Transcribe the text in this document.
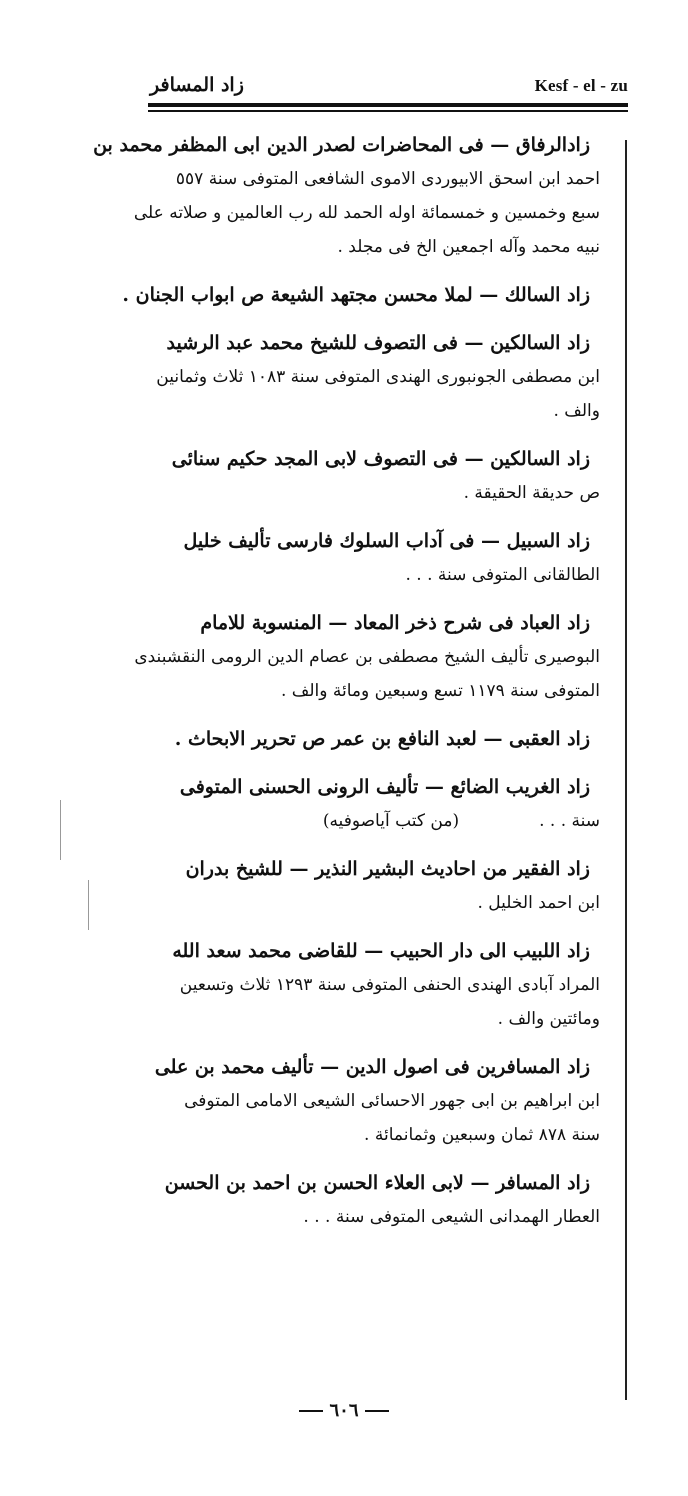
زاد المسافر	Kesf - el - zu
زادالرفاق — فى المحاضرات لصدر الدين ابى المظفر محمد بن
احمد ابن اسحق الابيوردى الاموى الشافعى المتوفى سنة ٥٥٧
سبع وخمسين و خمسمائة اوله الحمد لله رب العالمين و صلاته على
نبيه محمد وآله اجمعين الخ فى مجلد .
زاد السالك — لملا محسن مجتهد الشيعة ص ابواب الجنان .
زاد السالكين — فى التصوف للشيخ محمد عبد الرشيد
ابن مصطفى الجونبورى الهندى المتوفى سنة ١٠٨٣ ثلاث وثمانين
والف .
زاد السالكين — فى التصوف لابى المجد حكيم سنائى
ص حديقة الحقيقة .
زاد السبيل — فى آداب السلوك فارسى تأليف خليل
الطالقانى المتوفى سنة . . .
زاد العباد فى شرح ذخر المعاد — المنسوبة للامام
البوصيرى تأليف الشيخ مصطفى بن عصام الدين الرومى النقشبندى
المتوفى سنة ١١٧٩ تسع وسبعين ومائة والف .
زاد العقبى — لعبد النافع بن عمر ص تحرير الابحاث .
زاد الغريب الضائع — تأليف الرونى الحسنى المتوفى
سنة . . .(من كتب آياصوفيه)
زاد الفقير من احاديث البشير النذير — للشيخ بدران
ابن احمد الخليل .
زاد اللبيب الى دار الحبيب — للقاضى محمد سعد الله
المراد آبادى الهندى الحنفى المتوفى سنة ١٢٩٣ ثلاث وتسعين
ومائتين والف .
زاد المسافرين فى اصول الدين — تأليف محمد بن على
ابن ابراهيم بن ابى جهور الاحسائى الشيعى الامامى المتوفى
سنة ٨٧٨ ثمان وسبعين وثمانمائة .
زاد المسافر — لابى العلاء الحسن بن احمد بن الحسن
العطار الهمدانى الشيعى المتوفى سنة . . .
٦٠٦
